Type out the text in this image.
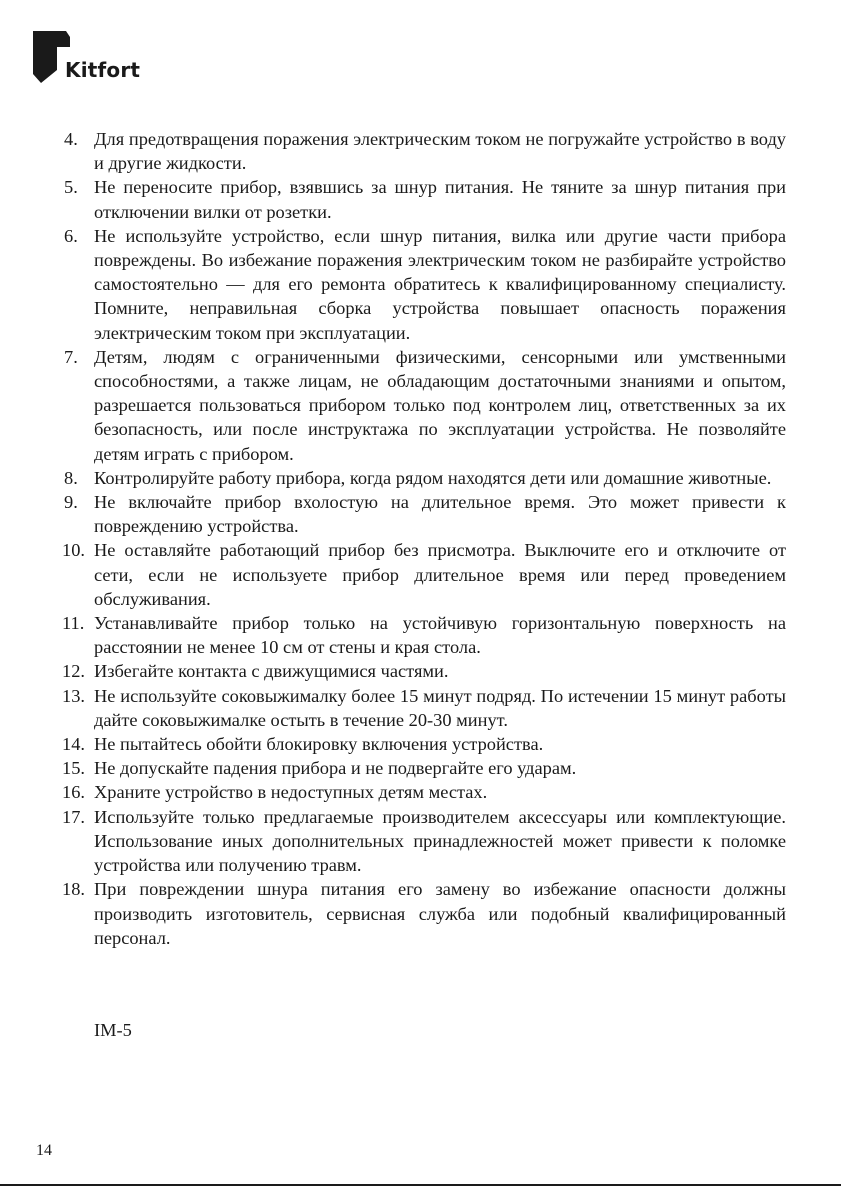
Kitfort
4. Для предотвращения поражения электрическим током не погружайте устройство в воду и другие жидкости.
5. Не переносите прибор, взявшись за шнур питания. Не тяните за шнур питания при отключении вилки от розетки.
6. Не используйте устройство, если шнур питания, вилка или другие части прибора повреждены. Во избежание поражения электрическим током не разбирайте устройство самостоятельно — для его ремонта обратитесь к квалифицированному специалисту. Помните, неправильная сборка устройства повышает опасность поражения электрическим током при эксплуатации.
7. Детям, людям с ограниченными физическими, сенсорными или умственными способностями, а также лицам, не обладающим достаточными знаниями и опытом, разрешается пользоваться прибором только под контролем лиц, ответственных за их безопасность, или после инструктажа по эксплуатации устройства. Не позволяйте детям играть с прибором.
8. Контролируйте работу прибора, когда рядом находятся дети или домашние животные.
9. Не включайте прибор вхолостую на длительное время. Это может привести к повреждению устройства.
10. Не оставляйте работающий прибор без присмотра. Выключите его и отключите от сети, если не используете прибор длительное время или перед проведением обслуживания.
11. Устанавливайте прибор только на устойчивую горизонтальную поверхность на расстоянии не менее 10 см от стены и края стола.
12. Избегайте контакта с движущимися частями.
13. Не используйте соковыжималку более 15 минут подряд. По истечении 15 минут работы дайте соковыжималке остыть в течение 20-30 минут.
14. Не пытайтесь обойти блокировку включения устройства.
15. Не допускайте падения прибора и не подвергайте его ударам.
16. Храните устройство в недоступных детям местах.
17. Используйте только предлагаемые производителем аксессуары или комплектующие. Использование иных дополнительных принадлежностей может привести к поломке устройства или получению травм.
18. При повреждении шнура питания его замену во избежание опасности должны производить изготовитель, сервисная служба или подобный квалифицированный персонал.
IM-5
14
